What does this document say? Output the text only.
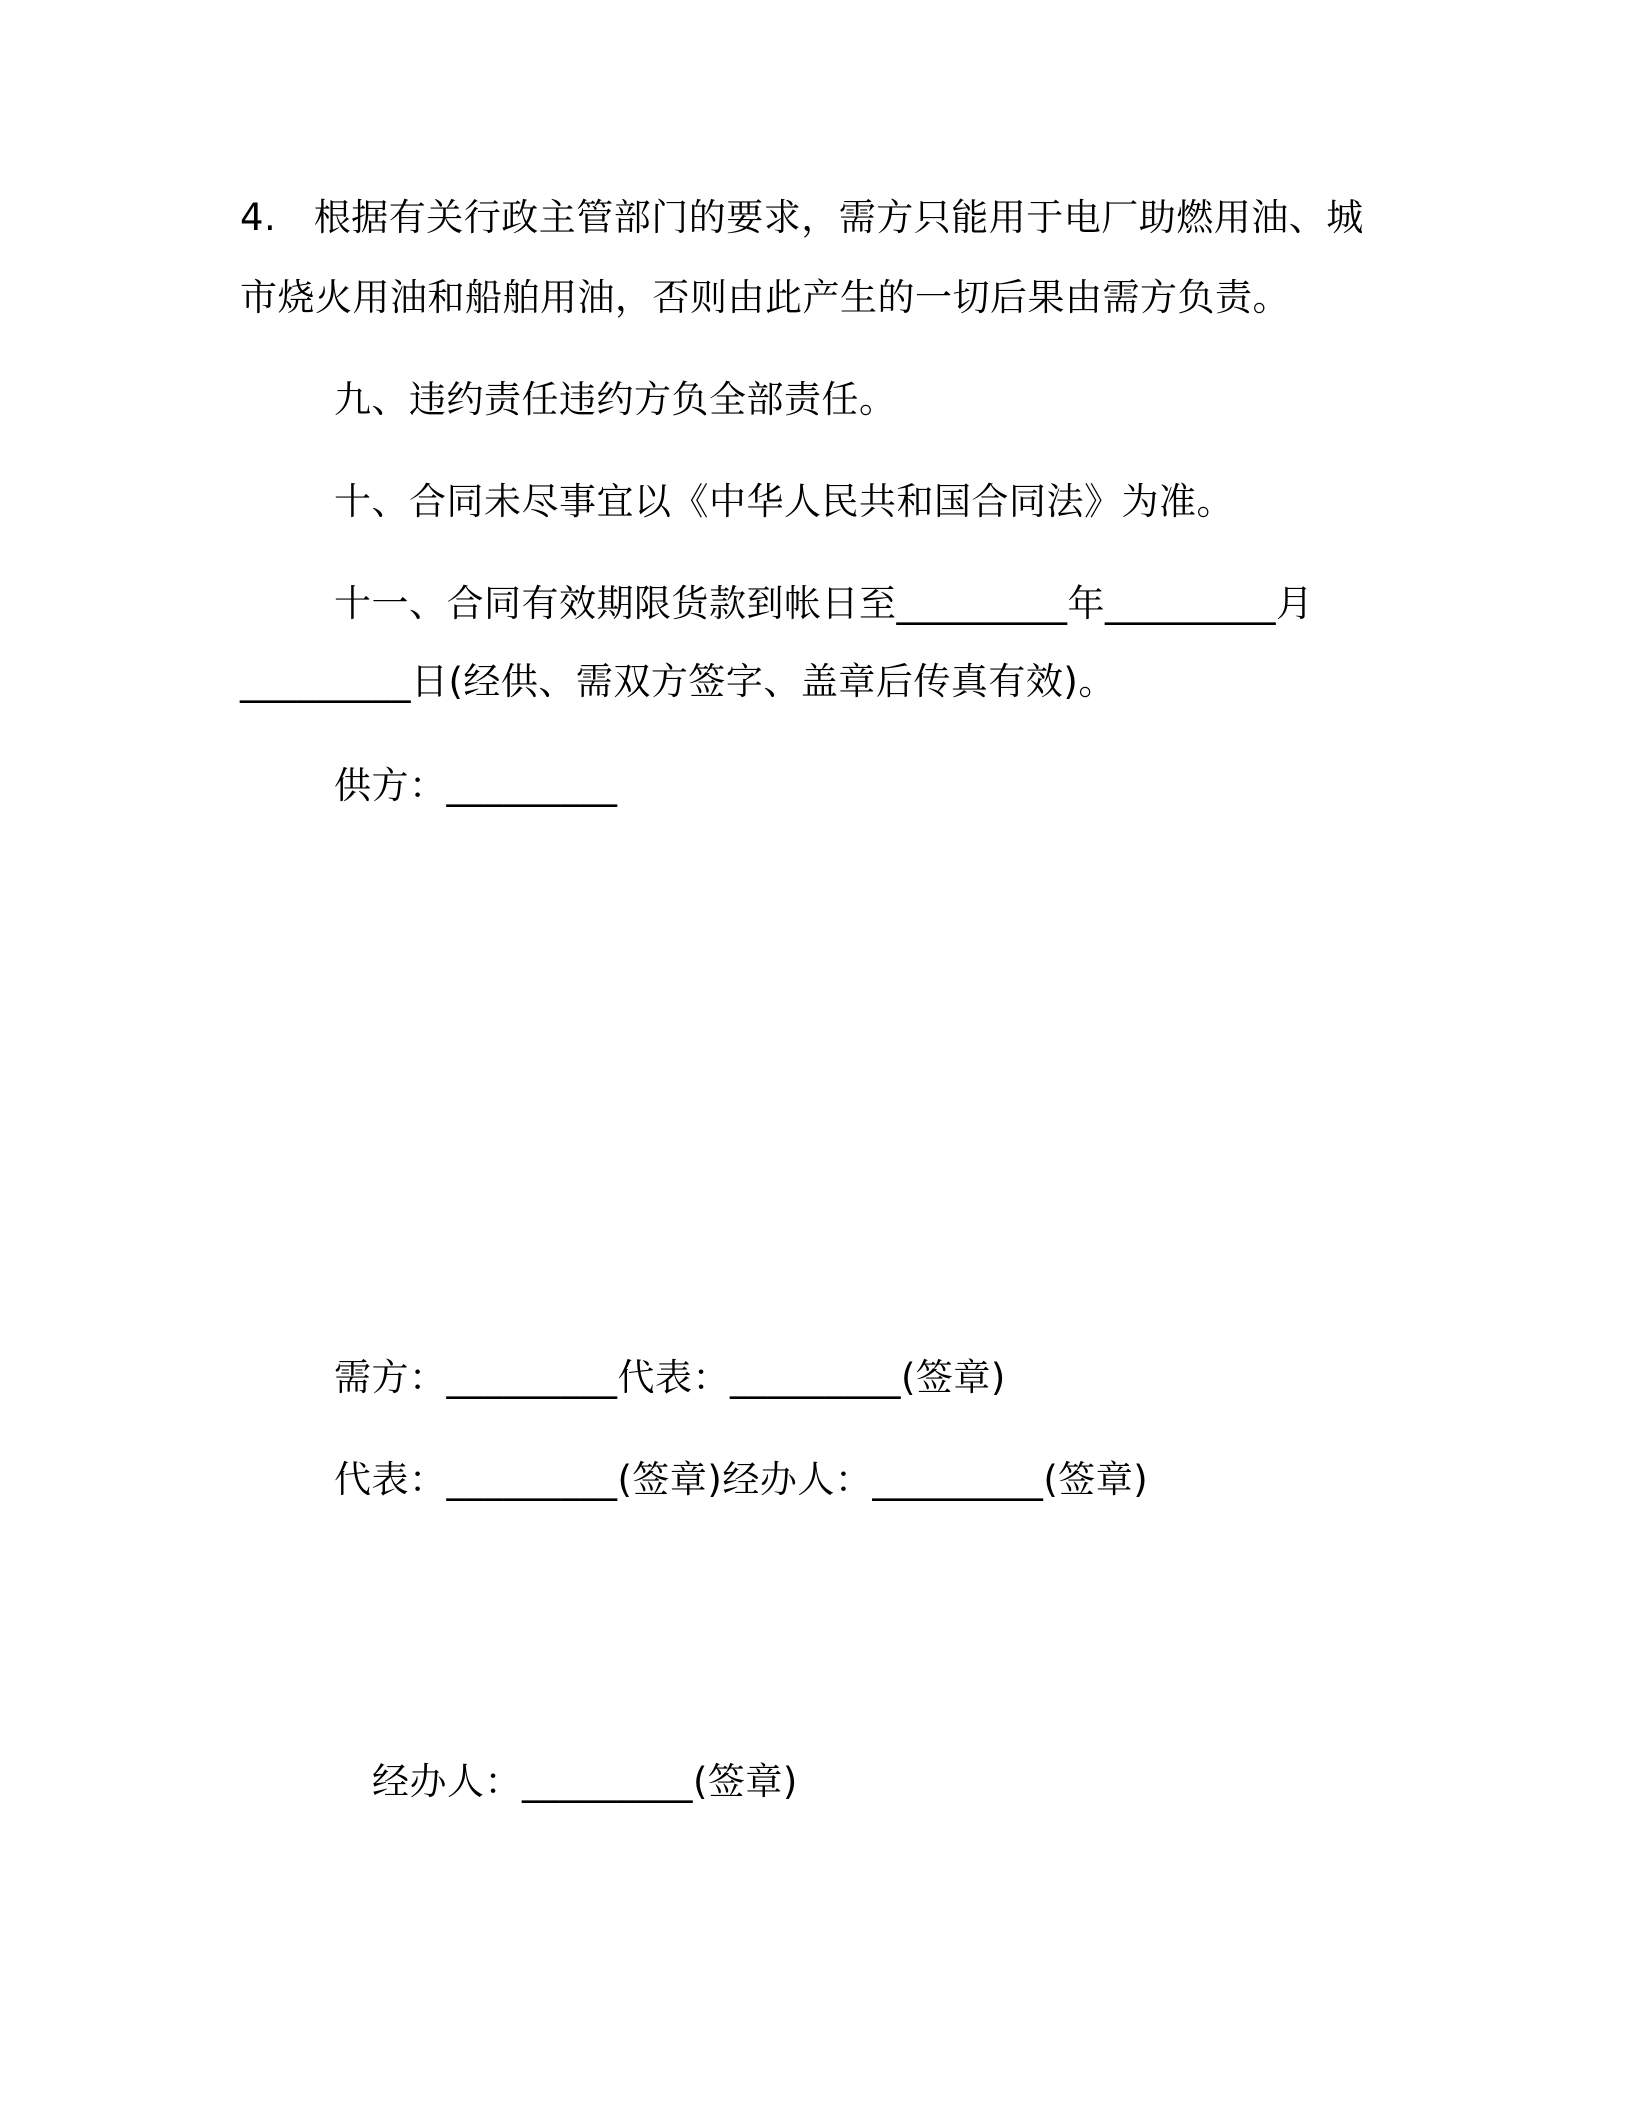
4.　根据有关行政主管部门的要求，需方只能用于电厂助燃用油、城

市烧火用油和船舶用油，否则由此产生的一切后果由需方负责。

九、违约责任违约方负全部责任。

十、合同未尽事宜以《中华人民共和国合同法》为准。

十一、合同有效期限货款到帐日至_________年_________月

_________日(经供、需双方签字、盖章后传真有效)。

供方：_________

需方：_________代表：_________(签章)

代表：_________(签章)经办人：_________(签章)

经办人：_________(签章)
